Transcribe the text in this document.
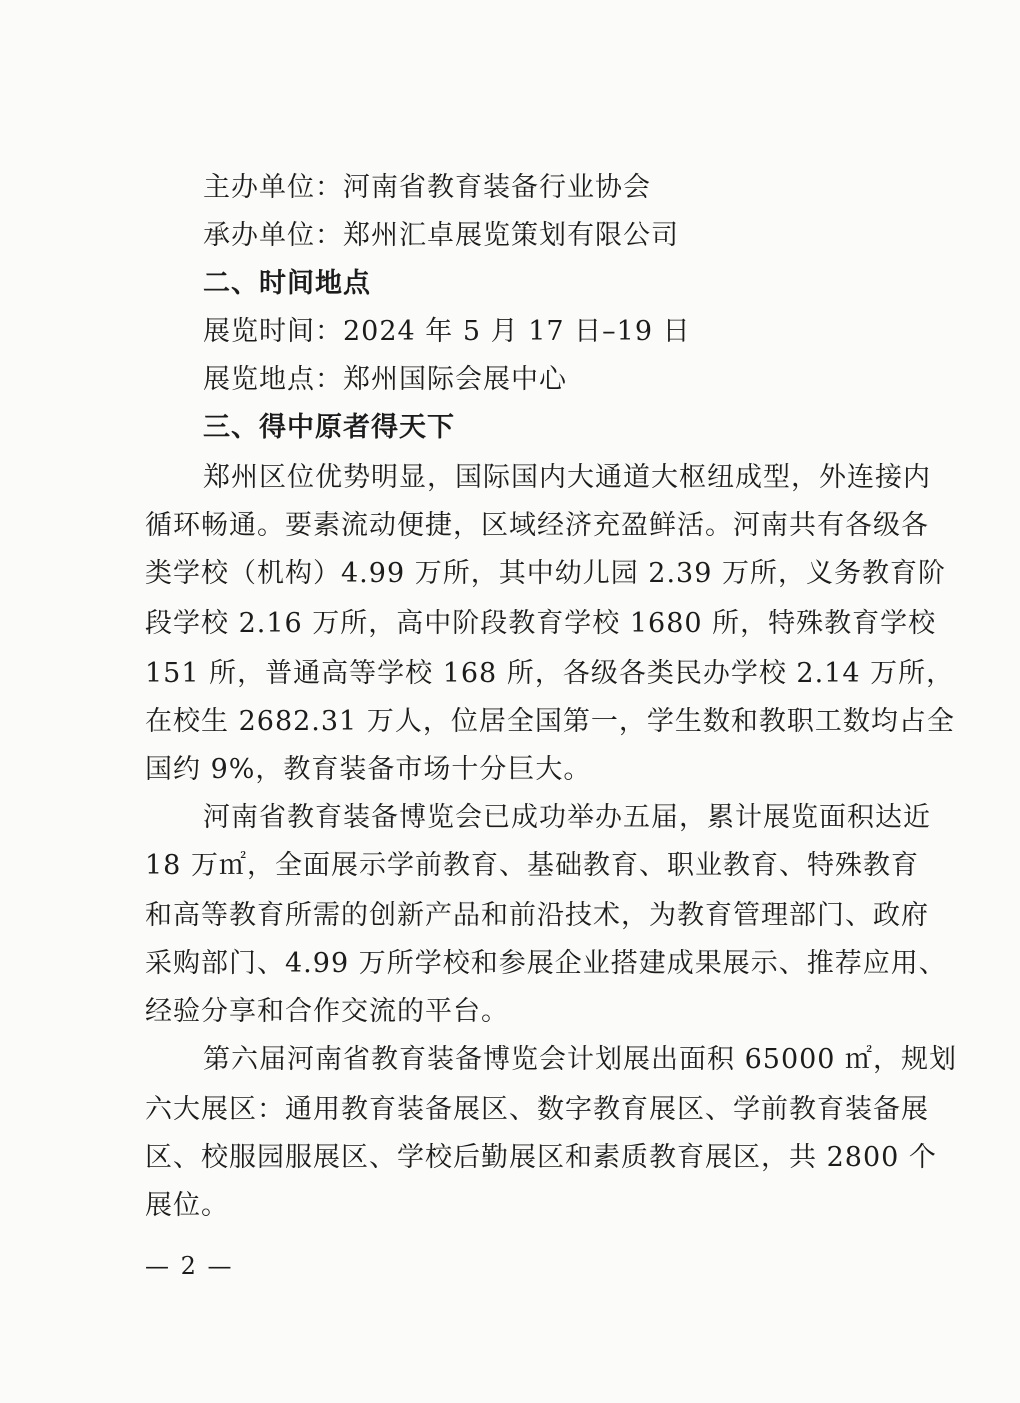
主办单位：河南省教育装备行业协会
承办单位：郑州汇卓展览策划有限公司
二、时间地点
展览时间：2024 年 5 月 17 日–19 日
展览地点：郑州国际会展中心
三、得中原者得天下
郑州区位优势明显，国际国内大通道大枢纽成型，外连接内
循环畅通。要素流动便捷，区域经济充盈鲜活。河南共有各级各
类学校（机构）4.99 万所，其中幼儿园 2.39 万所，义务教育阶
段学校 2.16 万所，高中阶段教育学校 1680 所，特殊教育学校
151 所，普通高等学校 168 所，各级各类民办学校 2.14 万所，
在校生 2682.31 万人，位居全国第一，学生数和教职工数均占全
国约 9%，教育装备市场十分巨大。
河南省教育装备博览会已成功举办五届，累计展览面积达近
18 万㎡，全面展示学前教育、基础教育、职业教育、特殊教育
和高等教育所需的创新产品和前沿技术，为教育管理部门、政府
采购部门、4.99 万所学校和参展企业搭建成果展示、推荐应用、
经验分享和合作交流的平台。
第六届河南省教育装备博览会计划展出面积 65000 ㎡，规划
六大展区：通用教育装备展区、数字教育展区、学前教育装备展
区、校服园服展区、学校后勤展区和素质教育展区，共 2800 个
展位。
— 2 —
